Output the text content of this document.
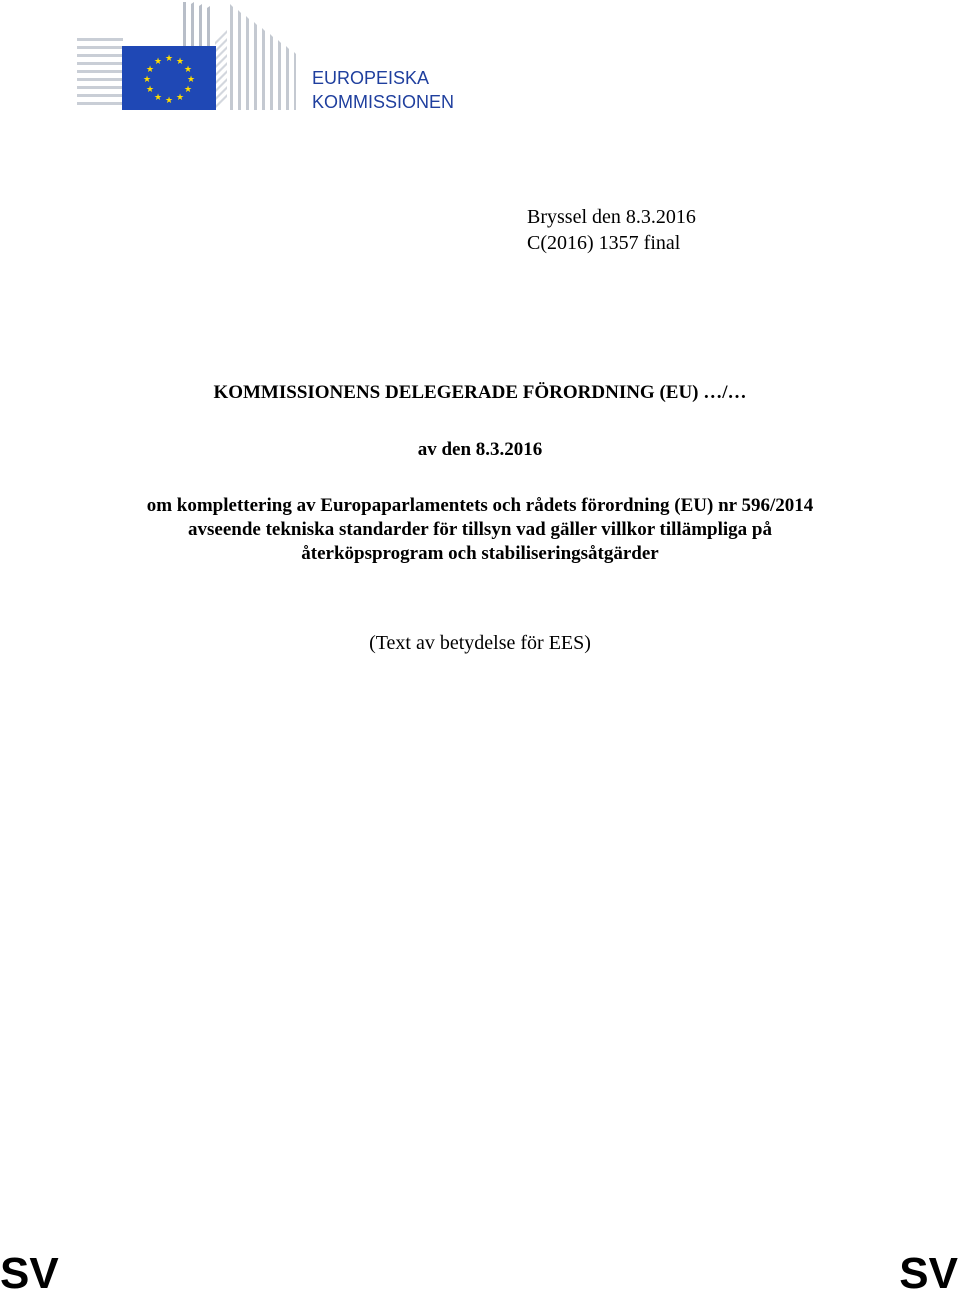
★ ★
★
★
★
★
★
★
★
★
★
★
EUROPEISKA
KOMMISSIONEN
Bryssel den 8.3.2016
C(2016) 1357 final
KOMMISSIONENS DELEGERADE FÖRORDNING (EU) …/…
av den 8.3.2016
om komplettering av Europaparlamentets och rådets förordning (EU) nr 596/2014
avseende tekniska standarder för tillsyn vad gäller villkor tillämpliga på
återköpsprogram och stabiliseringsåtgärder
(Text av betydelse för EES)
SV	SV
